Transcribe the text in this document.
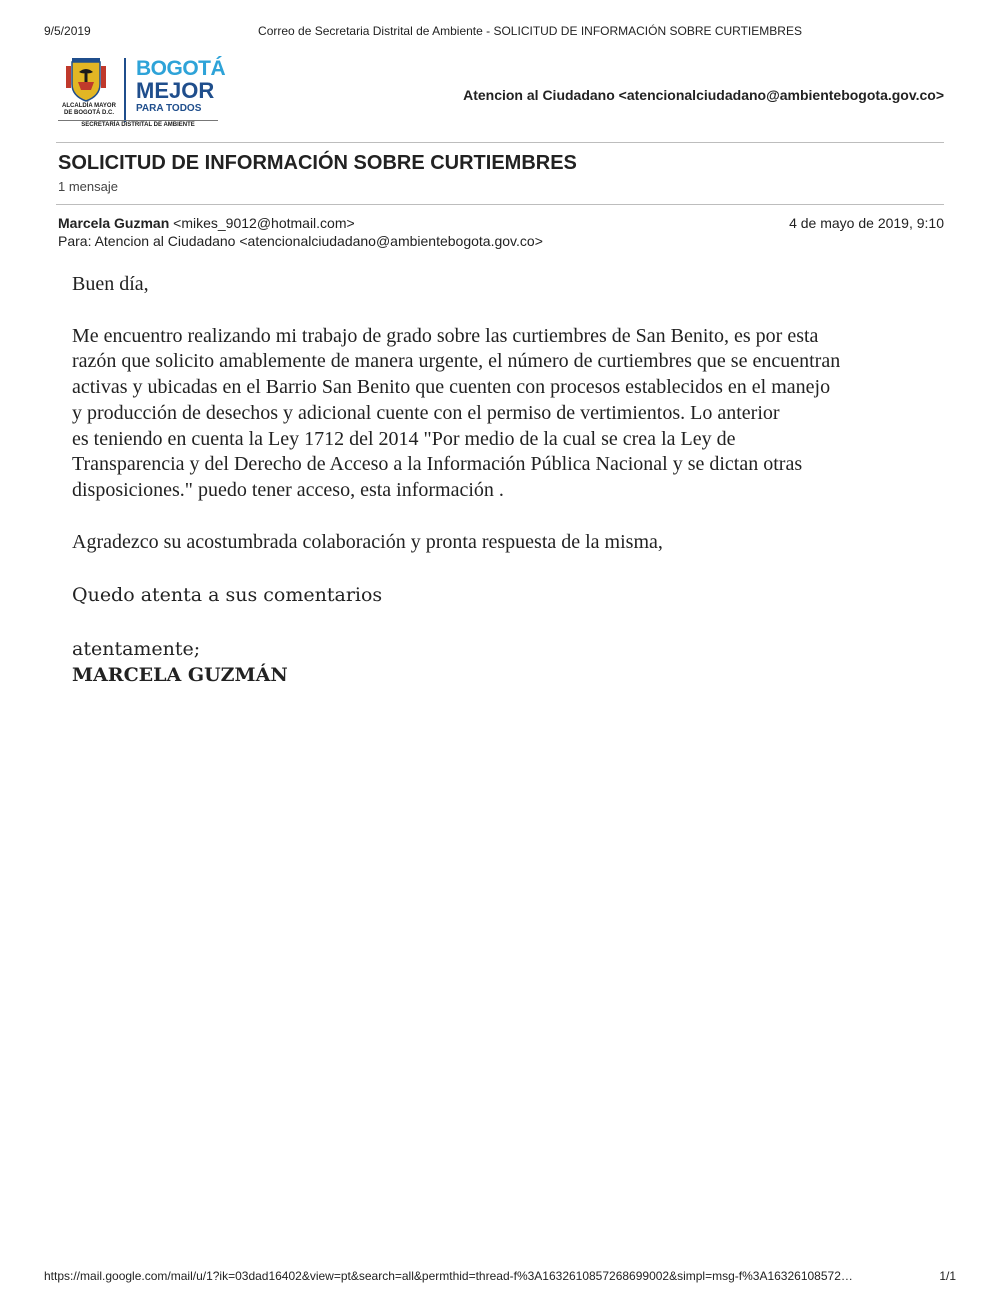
9/5/2019	Correo de Secretaria Distrital de Ambiente - SOLICITUD DE INFORMACIÓN SOBRE CURTIEMBRES
ALCALDÍA MAYOR
DE BOGOTÁ D.C.
BOGOTÁ
MEJOR
PARA TODOS
SECRETARÍA DISTRITAL DE AMBIENTE
Atencion al Ciudadano <atencionalciudadano@ambientebogota.gov.co>
SOLICITUD DE INFORMACIÓN SOBRE CURTIEMBRES
1 mensaje
Marcela Guzman <mikes_9012@hotmail.com>	4 de mayo de 2019, 9:10
Para: Atencion al Ciudadano <atencionalciudadano@ambientebogota.gov.co>

Buen día,

Me encuentro realizando mi trabajo de grado sobre las curtiembres de San Benito, es por esta
razón que solicito amablemente de manera urgente, el número de curtiembres que se encuentran
activas y ubicadas en el Barrio San Benito que cuenten con procesos establecidos en el manejo
y producción de desechos y adicional cuente con el permiso de vertimientos. Lo anterior
es teniendo en cuenta la Ley 1712 del 2014 "Por medio de la cual se crea la Ley de
Transparencia y del Derecho de Acceso a la Información Pública Nacional y se dictan otras
disposiciones." puedo tener acceso, esta información .

Agradezco su acostumbrada colaboración y pronta respuesta de la misma,

Quedo atenta a sus comentarios

atentamente;

MARCELA GUZMÁN

https://mail.google.com/mail/u/1?ik=03dad16402&view=pt&search=all&permthid=thread-f%3A1632610857268699002&simpl=msg-f%3A16326108572…	1/1
